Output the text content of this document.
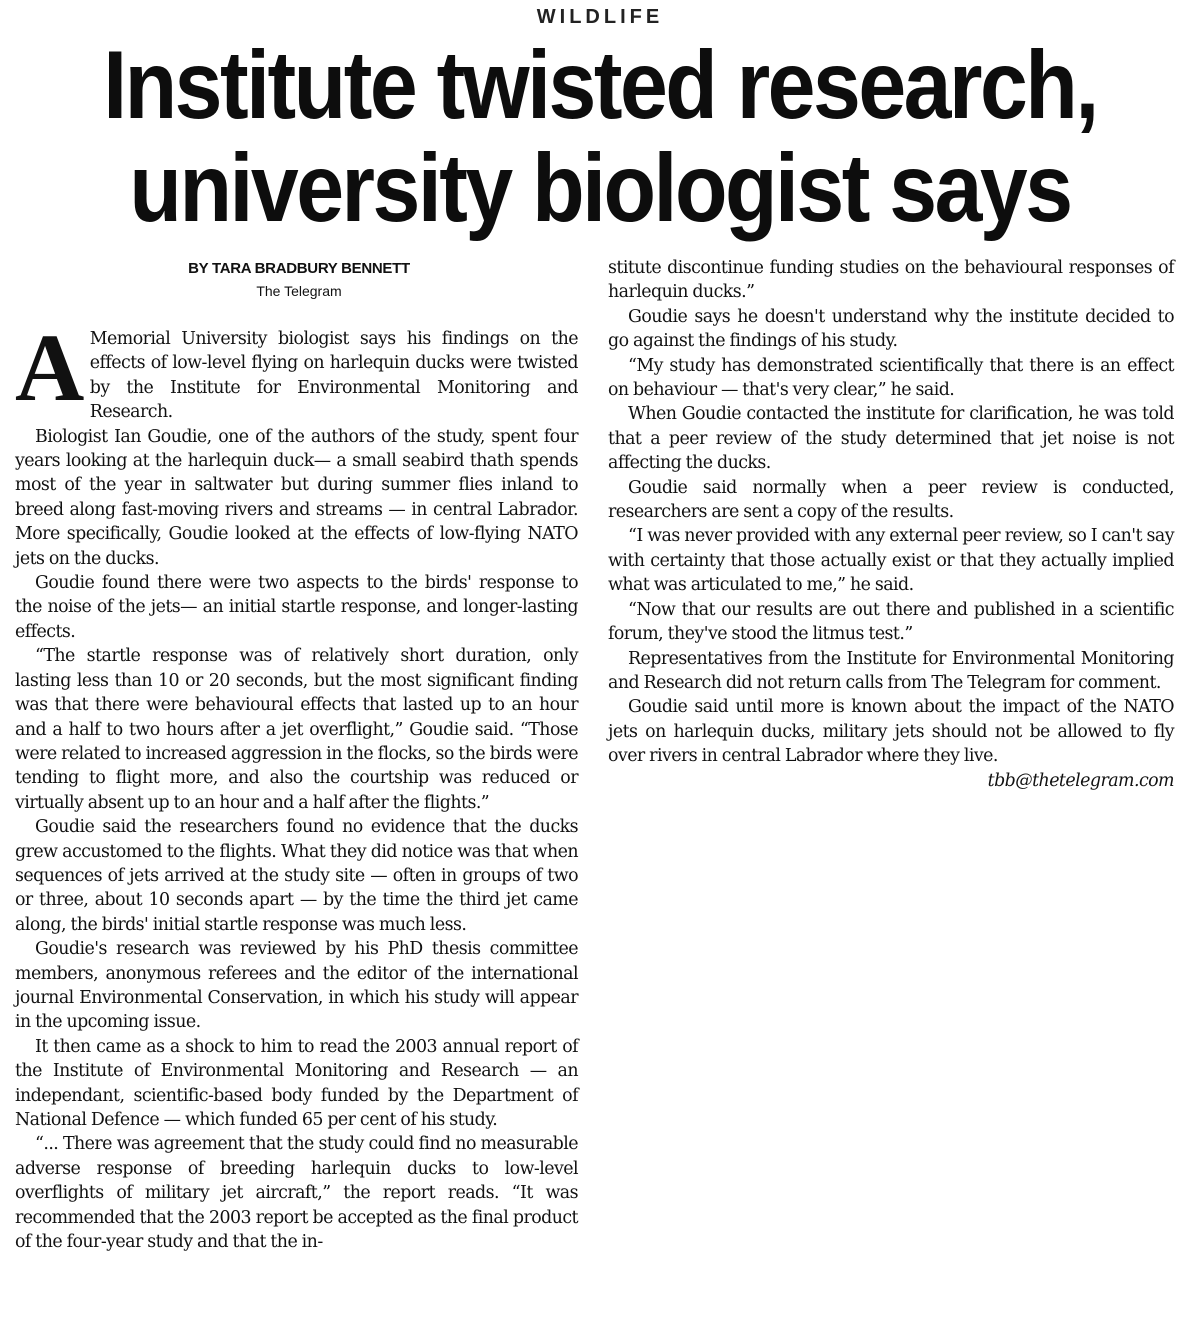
WILDLIFE
Institute twisted research,
university biologist says
BY TARA BRADBURY BENNETT
The Telegram

A Memorial University biologist says his findings on the effects of low-level flying on harlequin ducks were twisted by the Institute for Environmental Monitoring and Research.

Biologist Ian Goudie, one of the authors of the study, spent four years looking at the harlequin duck— a small seabird thath spends most of the year in saltwater but during summer flies inland to breed along fast-moving rivers and streams — in central Labrador. More specifically, Goudie looked at the effects of low-flying NATO jets on the ducks.

Goudie found there were two aspects to the birds' response to the noise of the jets— an initial startle response, and longer-lasting effects.

“The startle response was of relatively short duration, only lasting less than 10 or 20 seconds, but the most significant finding was that there were behavioural effects that lasted up to an hour and a half to two hours after a jet overflight,” Goudie said. “Those were related to increased aggression in the flocks, so the birds were tending to flight more, and also the courtship was reduced or virtually absent up to an hour and a half after the flights.”

Goudie said the researchers found no evidence that the ducks grew accustomed to the flights. What they did notice was that when sequences of jets arrived at the study site — often in groups of two or three, about 10 seconds apart — by the time the third jet came along, the birds' initial startle response was much less.

Goudie's research was reviewed by his PhD thesis committee members, anonymous referees and the editor of the international journal Environmental Conservation, in which his study will appear in the upcoming issue.

It then came as a shock to him to read the 2003 annual report of the Institute of Environmental Monitoring and Research — an independant, scientific-based body funded by the Department of National Defence — which funded 65 per cent of his study.

“... There was agreement that the study could find no measurable adverse response of breeding harlequin ducks to low-level overflights of military jet aircraft,” the report reads. “It was recommended that the 2003 report be accepted as the final product of the four-year study and that the in-

stitute discontinue funding studies on the behavioural responses of harlequin ducks.”

Goudie says he doesn't understand why the institute decided to go against the findings of his study.

“My study has demonstrated scientifically that there is an effect on behaviour — that's very clear,” he said.

When Goudie contacted the institute for clarification, he was told that a peer review of the study determined that jet noise is not affecting the ducks.

Goudie said normally when a peer review is conducted, researchers are sent a copy of the results.

“I was never provided with any external peer review, so I can't say with certainty that those actually exist or that they actually implied what was articulated to me,” he said.

“Now that our results are out there and published in a scientific forum, they've stood the litmus test.”

Representatives from the Institute for Environmental Monitoring and Research did not return calls from The Telegram for comment.

Goudie said until more is known about the impact of the NATO jets on harlequin ducks, military jets should not be allowed to fly over rivers in central Labrador where they live.

tbb@thetelegram.com
